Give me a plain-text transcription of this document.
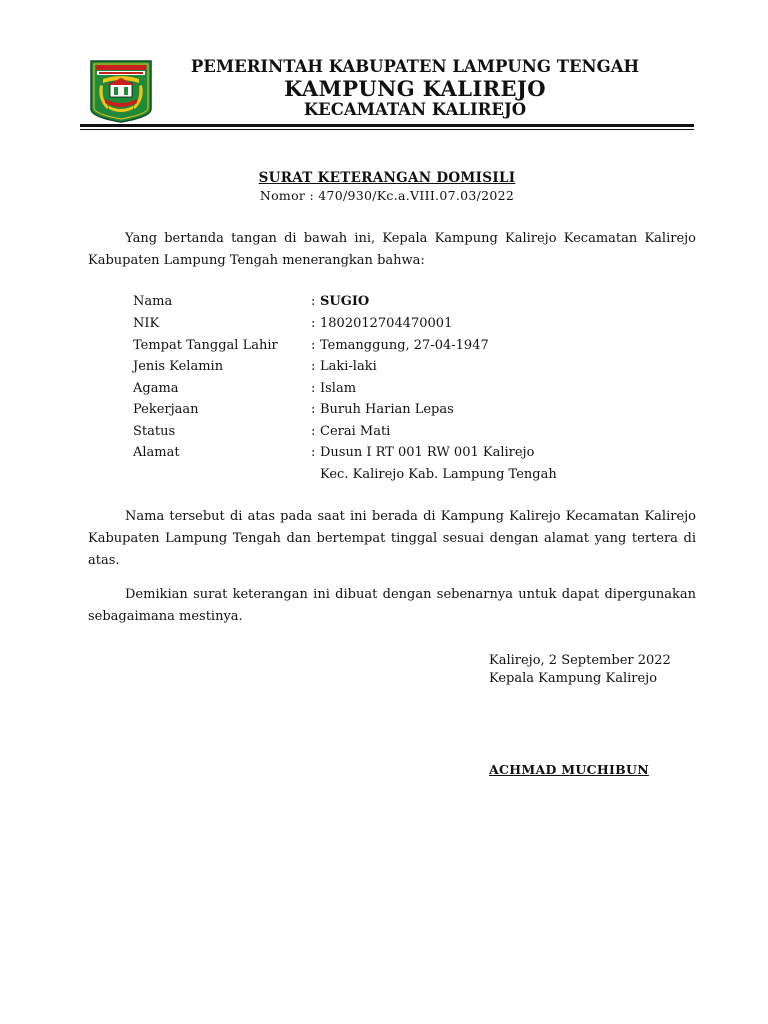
PEMERINTAH KABUPATEN LAMPUNG TENGAH
KAMPUNG KALIREJO
KECAMATAN KALIREJO
SURAT KETERANGAN DOMISILI
Nomor : 470/930/Kc.a.VIII.07.03/2022

Yang bertanda tangan di bawah ini, Kepala Kampung Kalirejo Kecamatan Kalirejo Kabupaten Lampung Tengah menerangkan bahwa:

Nama	: SUGIO
NIK	: 1802012704470001
Tempat Tanggal Lahir	: Temanggung, 27-04-1947
Jenis Kelamin	: Laki-laki
Agama	: Islam
Pekerjaan	: Buruh Harian Lepas
Status	: Cerai Mati
Alamat	: Dusun I RT 001 RW 001 Kalirejo
Kec. Kalirejo Kab. Lampung Tengah

Nama tersebut di atas pada saat ini berada di Kampung Kalirejo Kecamatan Kalirejo Kabupaten Lampung Tengah dan bertempat tinggal sesuai dengan alamat yang tertera di atas.

Demikian surat keterangan ini dibuat dengan sebenarnya untuk dapat dipergunakan sebagaimana mestinya.

Kalirejo, 2 September 2022
Kepala Kampung Kalirejo
ACHMAD MUCHIBUN
